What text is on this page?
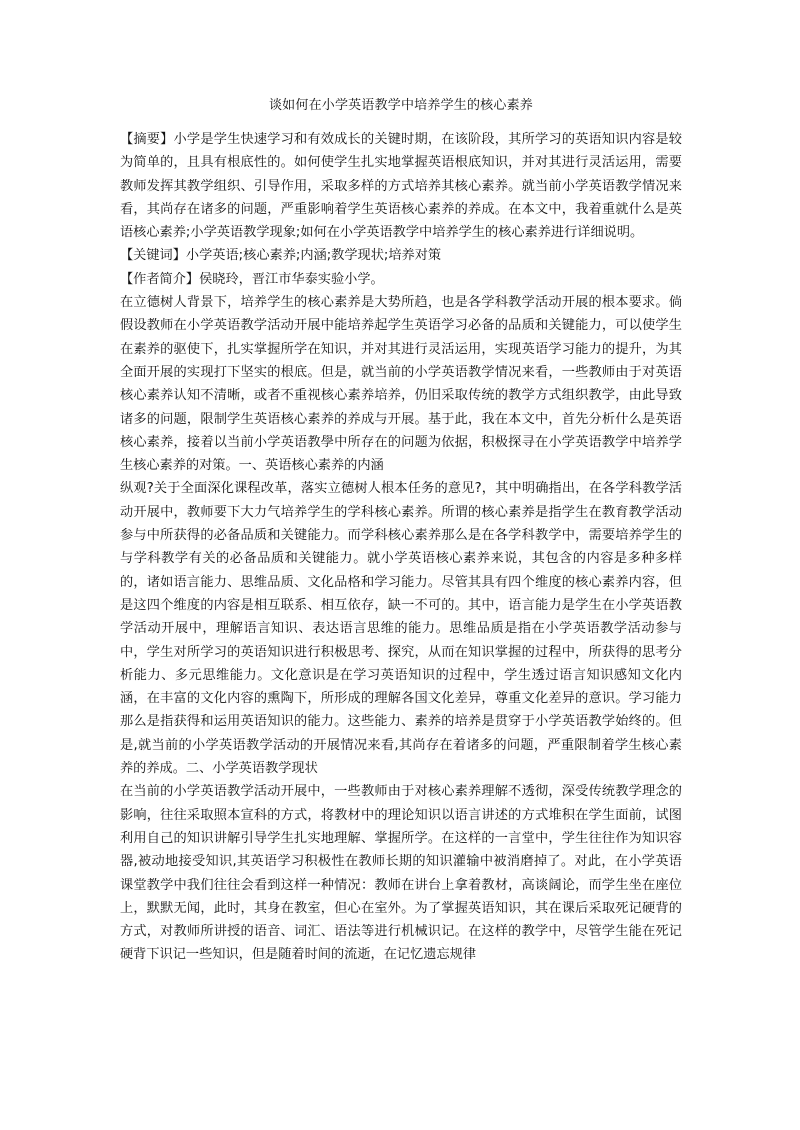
谈如何在小学英语教学中培养学生的核心素养

【摘要】小学是学生快速学习和有效成长的关键时期，在该阶段，其所学习的英语知识内容是较为简单的，且具有根底性的。如何使学生扎实地掌握英语根底知识，并对其进行灵活运用，需要教师发挥其教学组织、引导作用，采取多样的方式培养其核心素养。就当前小学英语教学情况来看，其尚存在诸多的问题，严重影响着学生英语核心素养的养成。在本文中，我着重就什么是英语核心素养;小学英语教学现象;如何在小学英语教学中培养学生的核心素养进行详细说明。

【关键词】小学英语;核心素养;内涵;教学现状;培养对策

【作者简介】侯晓玲，晋江市华泰实验小学。

在立德树人背景下，培养学生的核心素养是大势所趋，也是各学科教学活动开展的根本要求。倘假设教师在小学英语教学活动开展中能培养起学生英语学习必备的品质和关键能力，可以使学生在素养的驱使下，扎实掌握所学在知识，并对其进行灵活运用，实现英语学习能力的提升，为其全面开展的实现打下坚实的根底。但是，就当前的小学英语教学情况来看，一些教师由于对英语核心素养认知不清晰，或者不重视核心素养培养，仍旧采取传统的教学方式组织教学，由此导致诸多的问题，限制学生英语核心素养的养成与开展。基于此，我在本文中，首先分析什么是英语核心素养，接着以当前小学英语教學中所存在的问题为依据，积极探寻在小学英语教学中培养学生核心素养的对策。一、英语核心素养的内涵

纵观?关于全面深化课程改革，落实立德树人根本任务的意见?，其中明确指出，在各学科教学活动开展中，教师要下大力气培养学生的学科核心素养。所谓的核心素养是指学生在教育教学活动参与中所获得的必备品质和关键能力。而学科核心素养那么是在各学科教学中，需要培养学生的与学科教学有关的必备品质和关键能力。就小学英语核心素养来说，其包含的内容是多种多样的，诸如语言能力、思维品质、文化品格和学习能力。尽管其具有四个维度的核心素养内容，但是这四个维度的内容是相互联系、相互依存，缺一不可的。其中，语言能力是学生在小学英语教学活动开展中，理解语言知识、表达语言思维的能力。思维品质是指在小学英语教学活动参与中，学生对所学习的英语知识进行积极思考、探究，从而在知识掌握的过程中，所获得的思考分析能力、多元思维能力。文化意识是在学习英语知识的过程中，学生透过语言知识感知文化内涵，在丰富的文化内容的熏陶下，所形成的理解各国文化差异，尊重文化差异的意识。学习能力那么是指获得和运用英语知识的能力。这些能力、素养的培养是贯穿于小学英语教学始终的。但是,就当前的小学英语教学活动的开展情况来看,其尚存在着诸多的问题，严重限制着学生核心素养的养成。二、小学英语教学现状

在当前的小学英语教学活动开展中，一些教师由于对核心素养理解不透彻，深受传统教学理念的影响，往往采取照本宣科的方式，将教材中的理论知识以语言讲述的方式堆积在学生面前，试图利用自己的知识讲解引导学生扎实地理解、掌握所学。在这样的一言堂中，学生往往作为知识容器,被动地接受知识,其英语学习积极性在教师长期的知识灌输中被消磨掉了。对此，在小学英语课堂教学中我们往往会看到这样一种情况：教师在讲台上拿着教材，高谈阔论，而学生坐在座位上，默默无闻，此时，其身在教室，但心在室外。为了掌握英语知识，其在课后采取死记硬背的方式，对教师所讲授的语音、词汇、语法等进行机械识记。在这样的教学中，尽管学生能在死记硬背下识记一些知识，但是随着时间的流逝，在记忆遗忘规律
